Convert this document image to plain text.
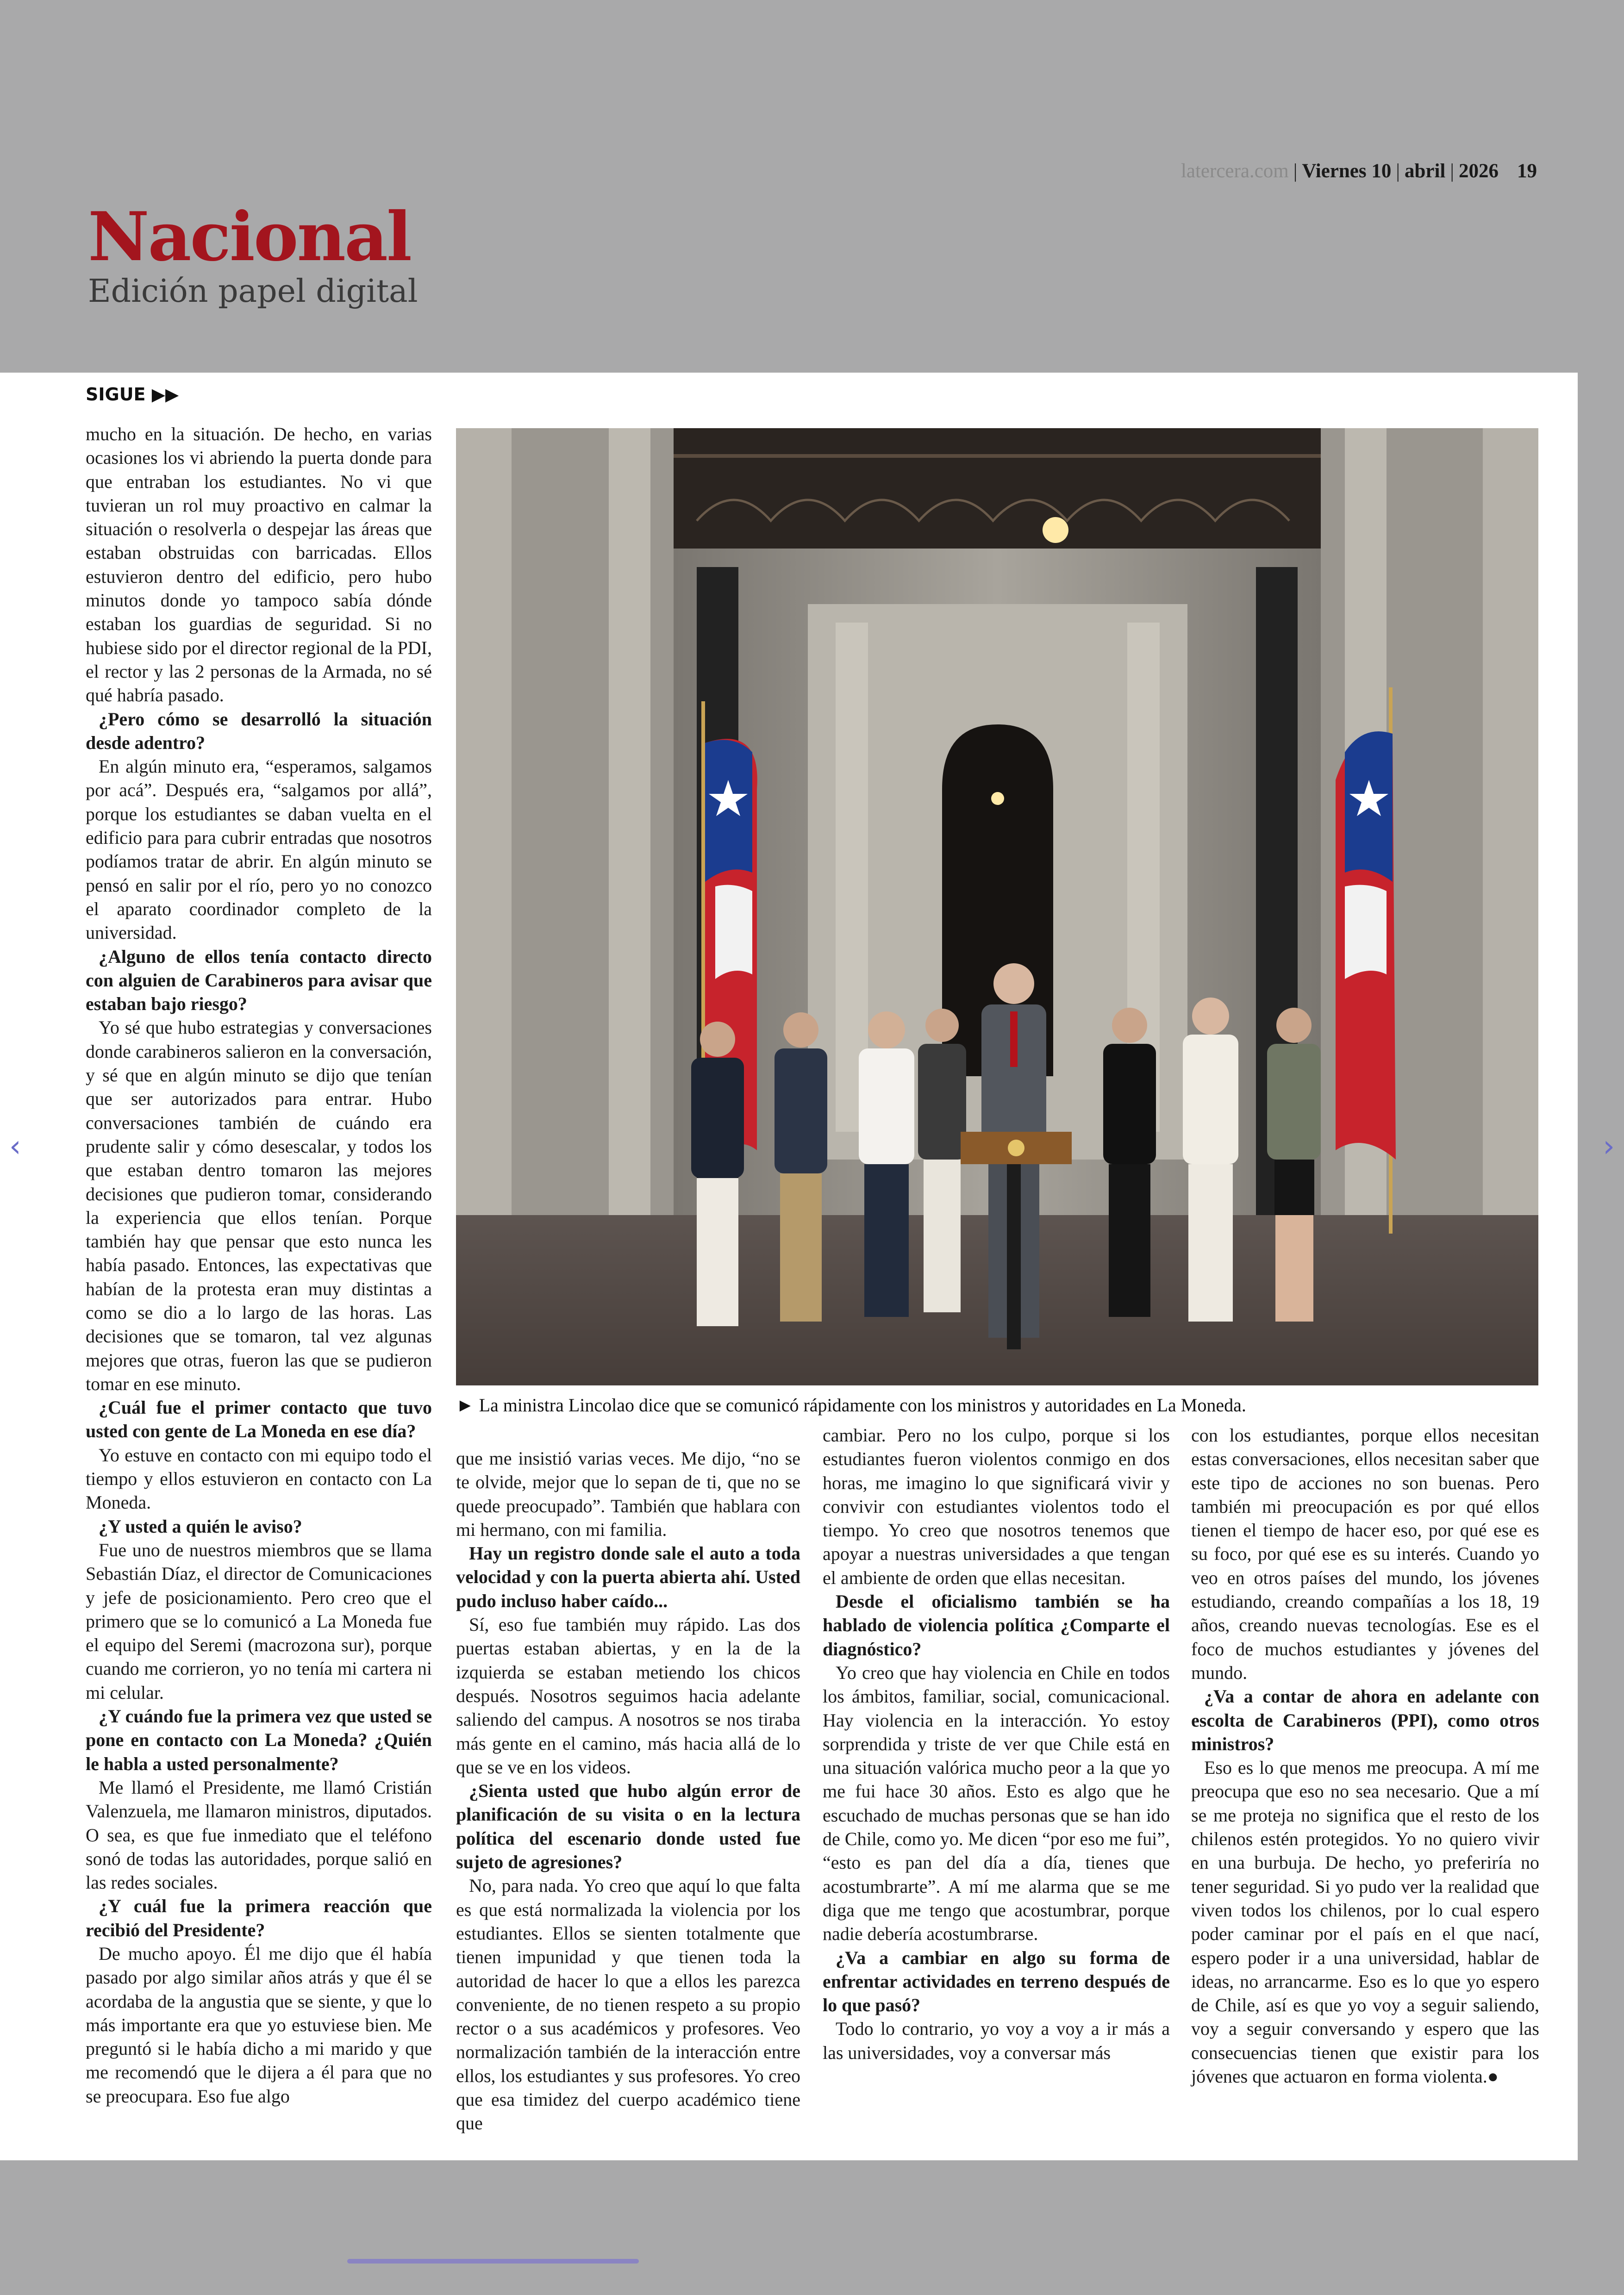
latercera.com | Viernes 10 | abril | 2026 19
Nacional
Edición papel digital
SIGUE ▶▶

mucho en la situación. De hecho, en varias ocasiones los vi abriendo la puerta donde para que entraban los estudiantes. No vi que tuvieran un rol muy proactivo en calmar la situación o resolverla o despejar las áreas que estaban obstruidas con barricadas. Ellos estuvieron dentro del edificio, pero hubo minutos donde yo tampoco sabía dónde estaban los guardias de seguridad. Si no hubiese sido por el director regional de la PDI, el rector y las 2 personas de la Armada, no sé qué habría pasado.

¿Pero cómo se desarrolló la situación desde adentro?

En algún minuto era, “esperamos, salgamos por acá”. Después era, “salgamos por allá”, porque los estudiantes se daban vuelta en el edificio para para cubrir entradas que nosotros podíamos tratar de abrir. En algún minuto se pensó en salir por el río, pero yo no conozco el aparato coordinador completo de la universidad.

¿Alguno de ellos tenía contacto directo con alguien de Carabineros para avisar que estaban bajo riesgo?

Yo sé que hubo estrategias y conversaciones donde carabineros salieron en la conversación, y sé que en algún minuto se dijo que tenían que ser autorizados para entrar. Hubo conversaciones también de cuándo era prudente salir y cómo desescalar, y todos los que estaban dentro tomaron las mejores decisiones que pudieron tomar, considerando la experiencia que ellos tenían. Porque también hay que pensar que esto nunca les había pasado. Entonces, las expectativas que habían de la protesta eran muy distintas a como se dio a lo largo de las horas. Las decisiones que se tomaron, tal vez algunas mejores que otras, fueron las que se pudieron tomar en ese minuto.

¿Cuál fue el primer contacto que tuvo usted con gente de La Moneda en ese día?

Yo estuve en contacto con mi equipo todo el tiempo y ellos estuvieron en contacto con La Moneda.

¿Y usted a quién le aviso?

Fue uno de nuestros miembros que se llama Sebastián Díaz, el director de Comunicaciones y jefe de posicionamiento. Pero creo que el primero que se lo comunicó a La Moneda fue el equipo del Seremi (macrozona sur), porque cuando me corrieron, yo no tenía mi cartera ni mi celular.

¿Y cuándo fue la primera vez que usted se pone en contacto con La Moneda? ¿Quién le habla a usted personalmente?

Me llamó el Presidente, me llamó Cristián Valenzuela, me llamaron ministros, diputados. O sea, es que fue inmediato que el teléfono sonó de todas las autoridades, porque salió en las redes sociales.

¿Y cuál fue la primera reacción que recibió del Presidente?

De mucho apoyo. Él me dijo que él había pasado por algo similar años atrás y que él se acordaba de la angustia que se siente, y que lo más importante era que yo estuviese bien. Me preguntó si le había dicho a mi marido y que me recomendó que le dijera a él para que no se preocupara. Eso fue algo

que me insistió varias veces. Me dijo, “no se te olvide, mejor que lo sepan de ti, que no se quede preocupado”. También que hablara con mi hermano, con mi familia.

Hay un registro donde sale el auto a toda velocidad y con la puerta abierta ahí. Usted pudo incluso haber caído...

Sí, eso fue también muy rápido. Las dos puertas estaban abiertas, y en la de la izquierda se estaban metiendo los chicos después. Nosotros seguimos hacia adelante saliendo del campus. A nosotros se nos tiraba más gente en el camino, más hacia allá de lo que se ve en los videos.

¿Sienta usted que hubo algún error de planificación de su visita o en la lectura política del escenario donde usted fue sujeto de agresiones?

No, para nada. Yo creo que aquí lo que falta es que está normalizada la violencia por los estudiantes. Ellos se sienten totalmente que tienen impunidad y que tienen toda la autoridad de hacer lo que a ellos les parezca conveniente, de no tienen respeto a su propio rector o a sus académicos y profesores. Veo normalización también de la interacción entre ellos, los estudiantes y sus profesores. Yo creo que esa timidez del cuerpo académico tiene que

cambiar. Pero no los culpo, porque si los estudiantes fueron violentos conmigo en dos horas, me imagino lo que significará vivir y convivir con estudiantes violentos todo el tiempo. Yo creo que nosotros tenemos que apoyar a nuestras universidades a que tengan el ambiente de orden que ellas necesitan.

Desde el oficialismo también se ha hablado de violencia política ¿Comparte el diagnóstico?

Yo creo que hay violencia en Chile en todos los ámbitos, familiar, social, comunicacional. Hay violencia en la interacción. Yo estoy sorprendida y triste de ver que Chile está en una situación valórica mucho peor a la que yo me fui hace 30 años. Esto es algo que he escuchado de muchas personas que se han ido de Chile, como yo. Me dicen “por eso me fui”, “esto es pan del día a día, tienes que acostumbrarte”. A mí me alarma que se me diga que me tengo que acostumbrar, porque nadie debería acostumbrarse.

¿Va a cambiar en algo su forma de enfrentar actividades en terreno después de lo que pasó?

Todo lo contrario, yo voy a voy a ir más a las universidades, voy a conversar más

con los estudiantes, porque ellos necesitan estas conversaciones, ellos necesitan saber que este tipo de acciones no son buenas. Pero también mi preocupación es por qué ellos tienen el tiempo de hacer eso, por qué ese es su foco, por qué ese es su interés. Cuando yo veo en otros países del mundo, los jóvenes estudiando, creando compañías a los 18, 19 años, creando nuevas tecnologías. Ese es el foco de muchos estudiantes y jóvenes del mundo.

¿Va a contar de ahora en adelante con escolta de Carabineros (PPI), como otros ministros?

Eso es lo que menos me preocupa. A mí me preocupa que eso no sea necesario. Que a mí se me proteja no significa que el resto de los chilenos estén protegidos. Yo no quiero vivir en una burbuja. De hecho, yo preferiría no tener seguridad. Si yo pudo ver la realidad que viven todos los chilenos, por lo cual espero poder caminar por el país en el que nací, espero poder ir a una universidad, hablar de ideas, no arrancarme. Eso es lo que yo espero de Chile, así es que yo voy a seguir saliendo, voy a seguir conversando y espero que las consecuencias tienen que existir para los jóvenes que actuaron en forma violenta.●

► La ministra Lincolao dice que se comunicó rápidamente con los ministros y autoridades en La Moneda.
‹	›
